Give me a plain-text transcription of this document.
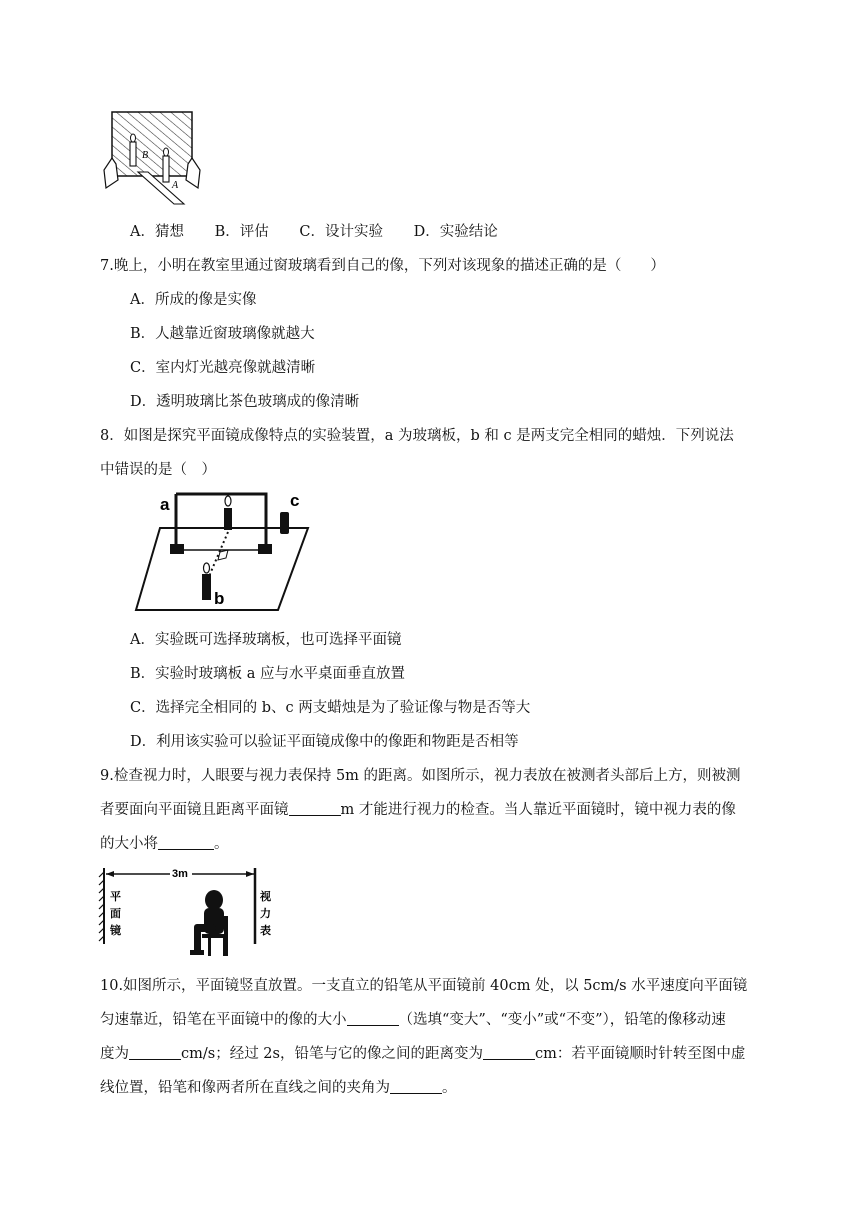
B
A
A．猜想 B．评估 C．设计实验 D．实验结论
7.晚上，小明在教室里通过窗玻璃看到自己的像，下列对该现象的描述正确的是（　　）
A．所成的像是实像
B．人越靠近窗玻璃像就越大
C．室内灯光越亮像就越清晰
D．透明玻璃比茶色玻璃成的像清晰
8．如图是探究平面镜成像特点的实验装置，a 为玻璃板，b 和 c 是两支完全相同的蜡烛．下列说法
中错误的是（　）
a
b
c
A．实验既可选择玻璃板，也可选择平面镜
B．实验时玻璃板 a 应与水平桌面垂直放置
C．选择完全相同的 b、c 两支蜡烛是为了验证像与物是否等大
D．利用该实验可以验证平面镜成像中的像距和物距是否相等
9.检查视力时，人眼要与视力表保持 5m 的距离。如图所示，视力表放在被测者头部后上方，则被测
者要面向平面镜且距离平面镜	m 才能进行视力的检查。当人靠近平面镜时，镜中视力表的像
的大小将	。
3m
平
面
镜
视
力
表
10.如图所示，平面镜竖直放置。一支直立的铅笔从平面镜前 40cm 处，以 5cm/s 水平速度向平面镜
匀速靠近，铅笔在平面镜中的像的大小	（选填“变大”、“变小”或“不变”），铅笔的像移动速
度为	cm/s；经过 2s，铅笔与它的像之间的距离变为	cm：若平面镜顺时针转至图中虚
线位置，铅笔和像两者所在直线之间的夹角为	。
